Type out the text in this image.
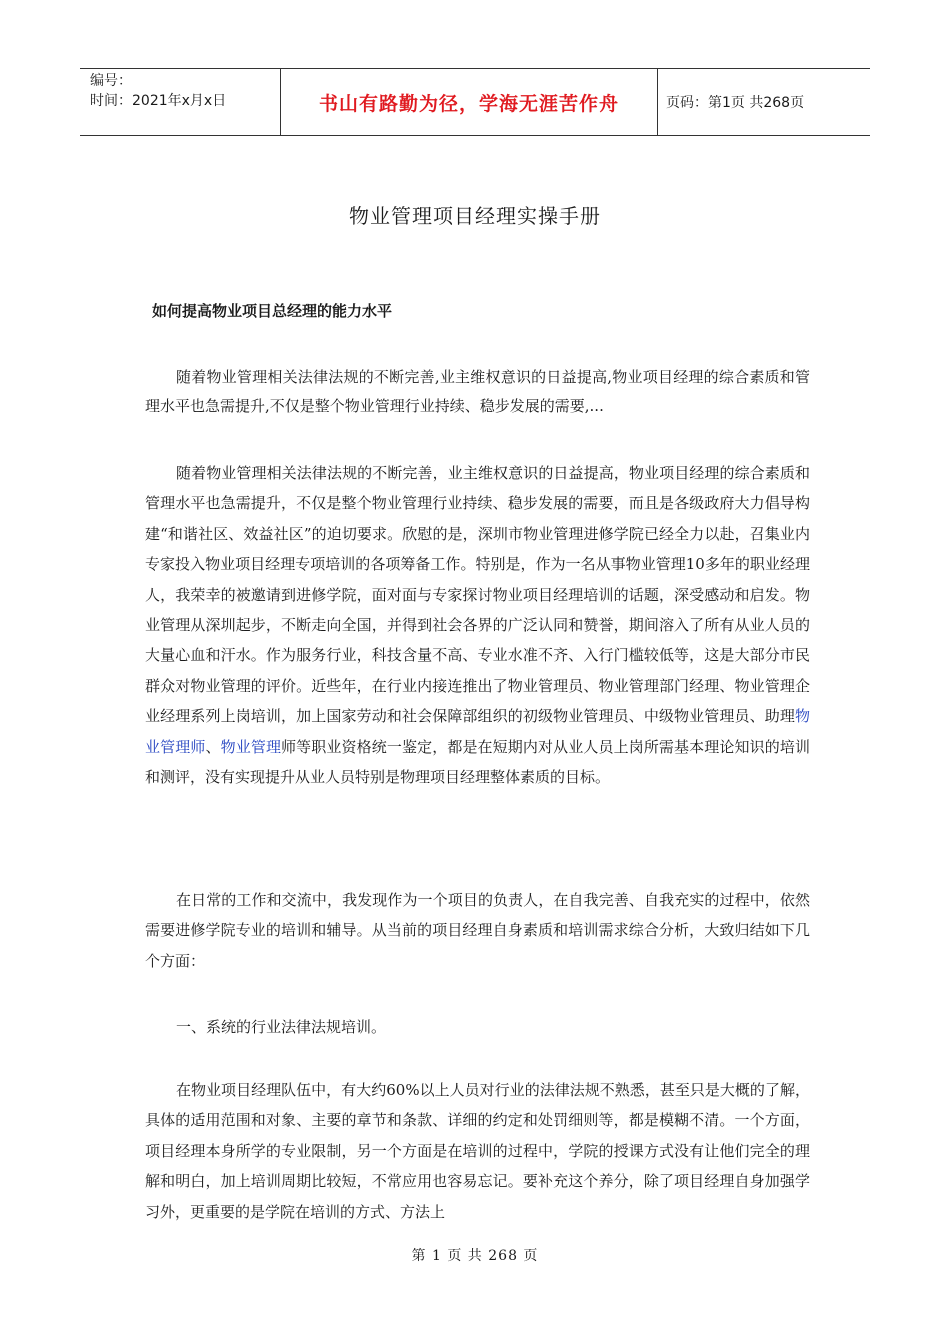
编号：
时间：2021年x月x日	书山有路勤为径，学海无涯苦作舟	页码：第1页 共268页
物业管理项目经理实操手册
如何提高物业项目总经理的能力水平

随着物业管理相关法律法规的不断完善,业主维权意识的日益提高,物业项目经理的综合素质和管理水平也急需提升,不仅是整个物业管理行业持续、稳步发展的需要,...

随着物业管理相关法律法规的不断完善，业主维权意识的日益提高，物业项目经理的综合素质和管理水平也急需提升，不仅是整个物业管理行业持续、稳步发展的需要，而且是各级政府大力倡导构建“和谐社区、效益社区”的迫切要求。欣慰的是，深圳市物业管理进修学院已经全力以赴，召集业内专家投入物业项目经理专项培训的各项筹备工作。特别是，作为一名从事物业管理10多年的职业经理人，我荣幸的被邀请到进修学院，面对面与专家探讨物业项目经理培训的话题，深受感动和启发。物业管理从深圳起步，不断走向全国，并得到社会各界的广泛认同和赞誉，期间溶入了所有从业人员的大量心血和汗水。作为服务行业，科技含量不高、专业水准不齐、入行门槛较低等，这是大部分市民群众对物业管理的评价。近些年，在行业内接连推出了物业管理员、物业管理部门经理、物业管理企业经理系列上岗培训，加上国家劳动和社会保障部组织的初级物业管理员、中级物业管理员、助理物业管理师、物业管理师等职业资格统一鉴定，都是在短期内对从业人员上岗所需基本理论知识的培训和测评，没有实现提升从业人员特别是物理项目经理整体素质的目标。

在日常的工作和交流中，我发现作为一个项目的负责人，在自我完善、自我充实的过程中，依然需要进修学院专业的培训和辅导。从当前的项目经理自身素质和培训需求综合分析，大致归结如下几个方面：

一、系统的行业法律法规培训。

在物业项目经理队伍中，有大约60%以上人员对行业的法律法规不熟悉，甚至只是大概的了解，具体的适用范围和对象、主要的章节和条款、详细的约定和处罚细则等，都是模糊不清。一个方面，项目经理本身所学的专业限制，另一个方面是在培训的过程中，学院的授课方式没有让他们完全的理解和明白，加上培训周期比较短，不常应用也容易忘记。要补充这个养分，除了项目经理自身加强学习外，更重要的是学院在培训的方式、方法上

第 1 页 共 268 页
